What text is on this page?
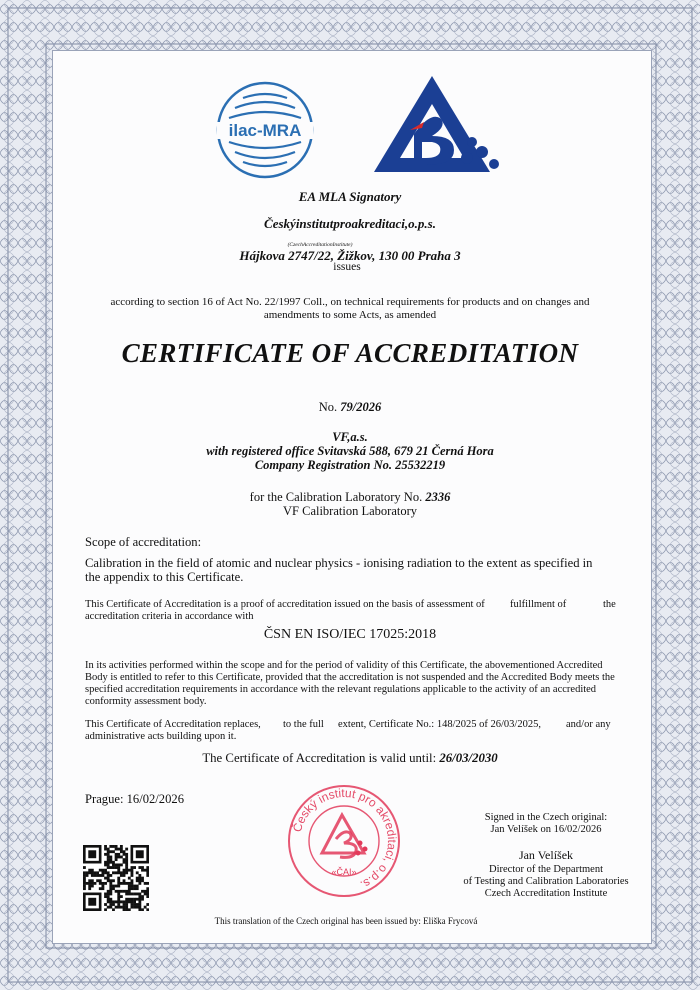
ilac-MRA

EA MLA Signatory

Českýinstitutproakreditaci,o.p.s.

(CzechAccreditationInstitute)

Hájkova 2747/22, Žižkov, 130 00 Praha 3

issues

according to section 16 of Act No. 22/1997 Coll., on technical requirements for products and on changes and

amendments to some Acts, as amended

CERTIFICATE OF ACCREDITATION

No. 79/2026

VF,a.s.

with registered office Svitavská 588, 679 21 Černá Hora

Company Registration No. 25532219

for the Calibration Laboratory No. 2336

VF Calibration Laboratory

Scope of accreditation:

Calibration in the field of atomic and nuclear physics - ionising radiation to the extent as specified in

the appendix to this Certificate.

This Certificate of Accreditation is a proof of accreditation issued on the basis of assessment of fulfillment of	the

accreditation criteria in accordance with

ČSN EN ISO/IEC 17025:2018

In its activities performed within the scope and for the period of validity of this Certificate, the abovementioned Accredited
Body is entitled to refer to this Certificate, provided that the accreditation is not suspended and the Accredited Body meets the
specified accreditation requirements in accordance with the relevant regulations applicable to the activity of an accredited
conformity assessment body.

This Certificate of Accreditation replaces, to the full extent, Certificate No.: 148/2025 of 26/03/2025, and/or any

administrative acts building upon it.

The Certificate of Accreditation is valid until: 26/03/2030

Prague: 16/02/2026

Český institut pro akreditaci, o.p.s.
«ČAI»

Signed in the Czech original:

Jan Velíšek on 16/02/2026

Jan Velíšek

Director of the Department

of Testing and Calibration Laboratories

Czech Accreditation Institute

This translation of the Czech original has been issued by: Eliška Frycová
